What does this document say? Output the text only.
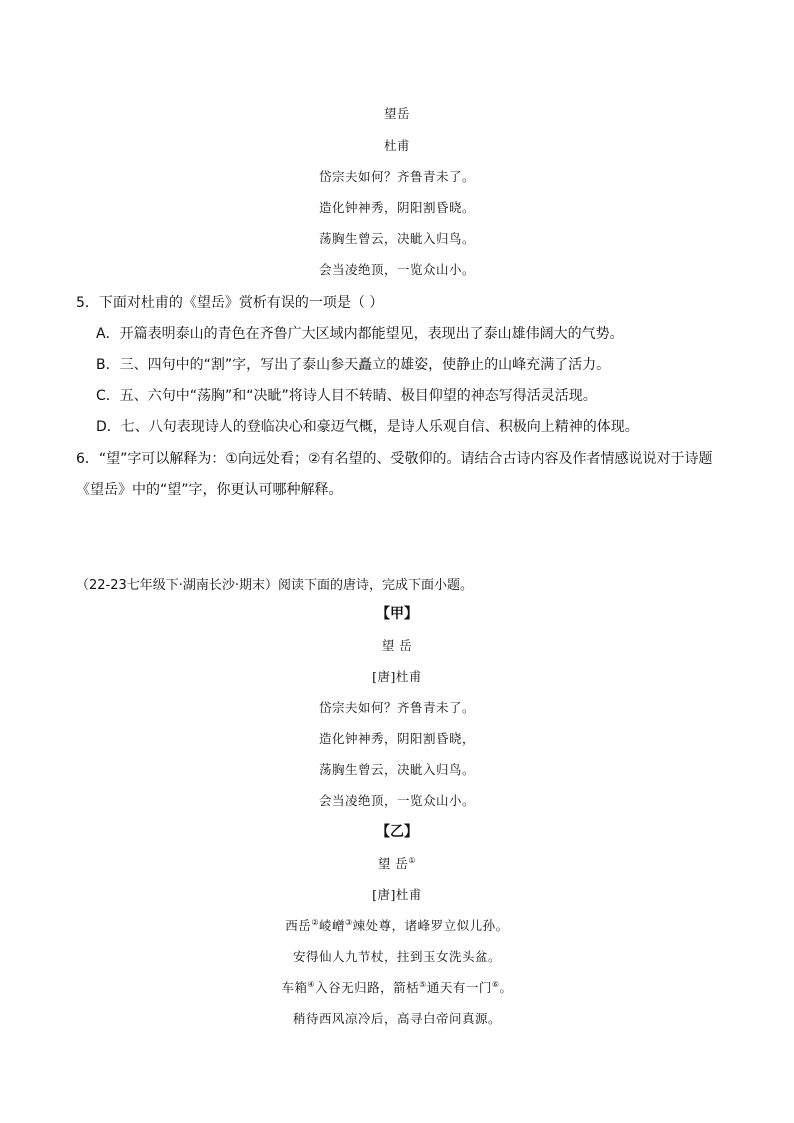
望岳
杜甫
岱宗夫如何？齐鲁青未了。
造化钟神秀，阴阳割昏晓。
荡胸生曾云，决眦入归鸟。
会当凌绝顶，一览众山小。
5．下面对杜甫的《望岳》赏析有误的一项是（ ）
A．开篇表明泰山的青色在齐鲁广大区域内都能望见，表现出了泰山雄伟阔大的气势。
B．三、四句中的“割”字，写出了泰山参天矗立的雄姿，使静止的山峰充满了活力。
C．五、六句中“荡胸”和“决眦”将诗人目不转睛、极目仰望的神态写得活灵活现。
D．七、八句表现诗人的登临决心和豪迈气概，是诗人乐观自信、积极向上精神的体现。
6．“望”字可以解释为：①向远处看；②有名望的、受敬仰的。请结合古诗内容及作者情感说说对于诗题
《望岳》中的“望”字，你更认可哪种解释。
（22-23七年级下·湖南长沙·期末）阅读下面的唐诗，完成下面小题。
【甲】
望 岳
[唐]杜甫
岱宗夫如何？齐鲁青未了。
造化钟神秀，阴阳割昏晓，
荡胸生曾云，决眦入归鸟。
会当凌绝顶，一览众山小。
【乙】
望 岳①
[唐]杜甫
西岳②崚嶒③竦处尊，诸峰罗立似儿孙。
安得仙人九节杖，拄到玉女洗头盆。
车箱④入谷无归路，箭栝⑤通天有一门⑥。
稍待西风凉冷后，高寻白帝问真源。
